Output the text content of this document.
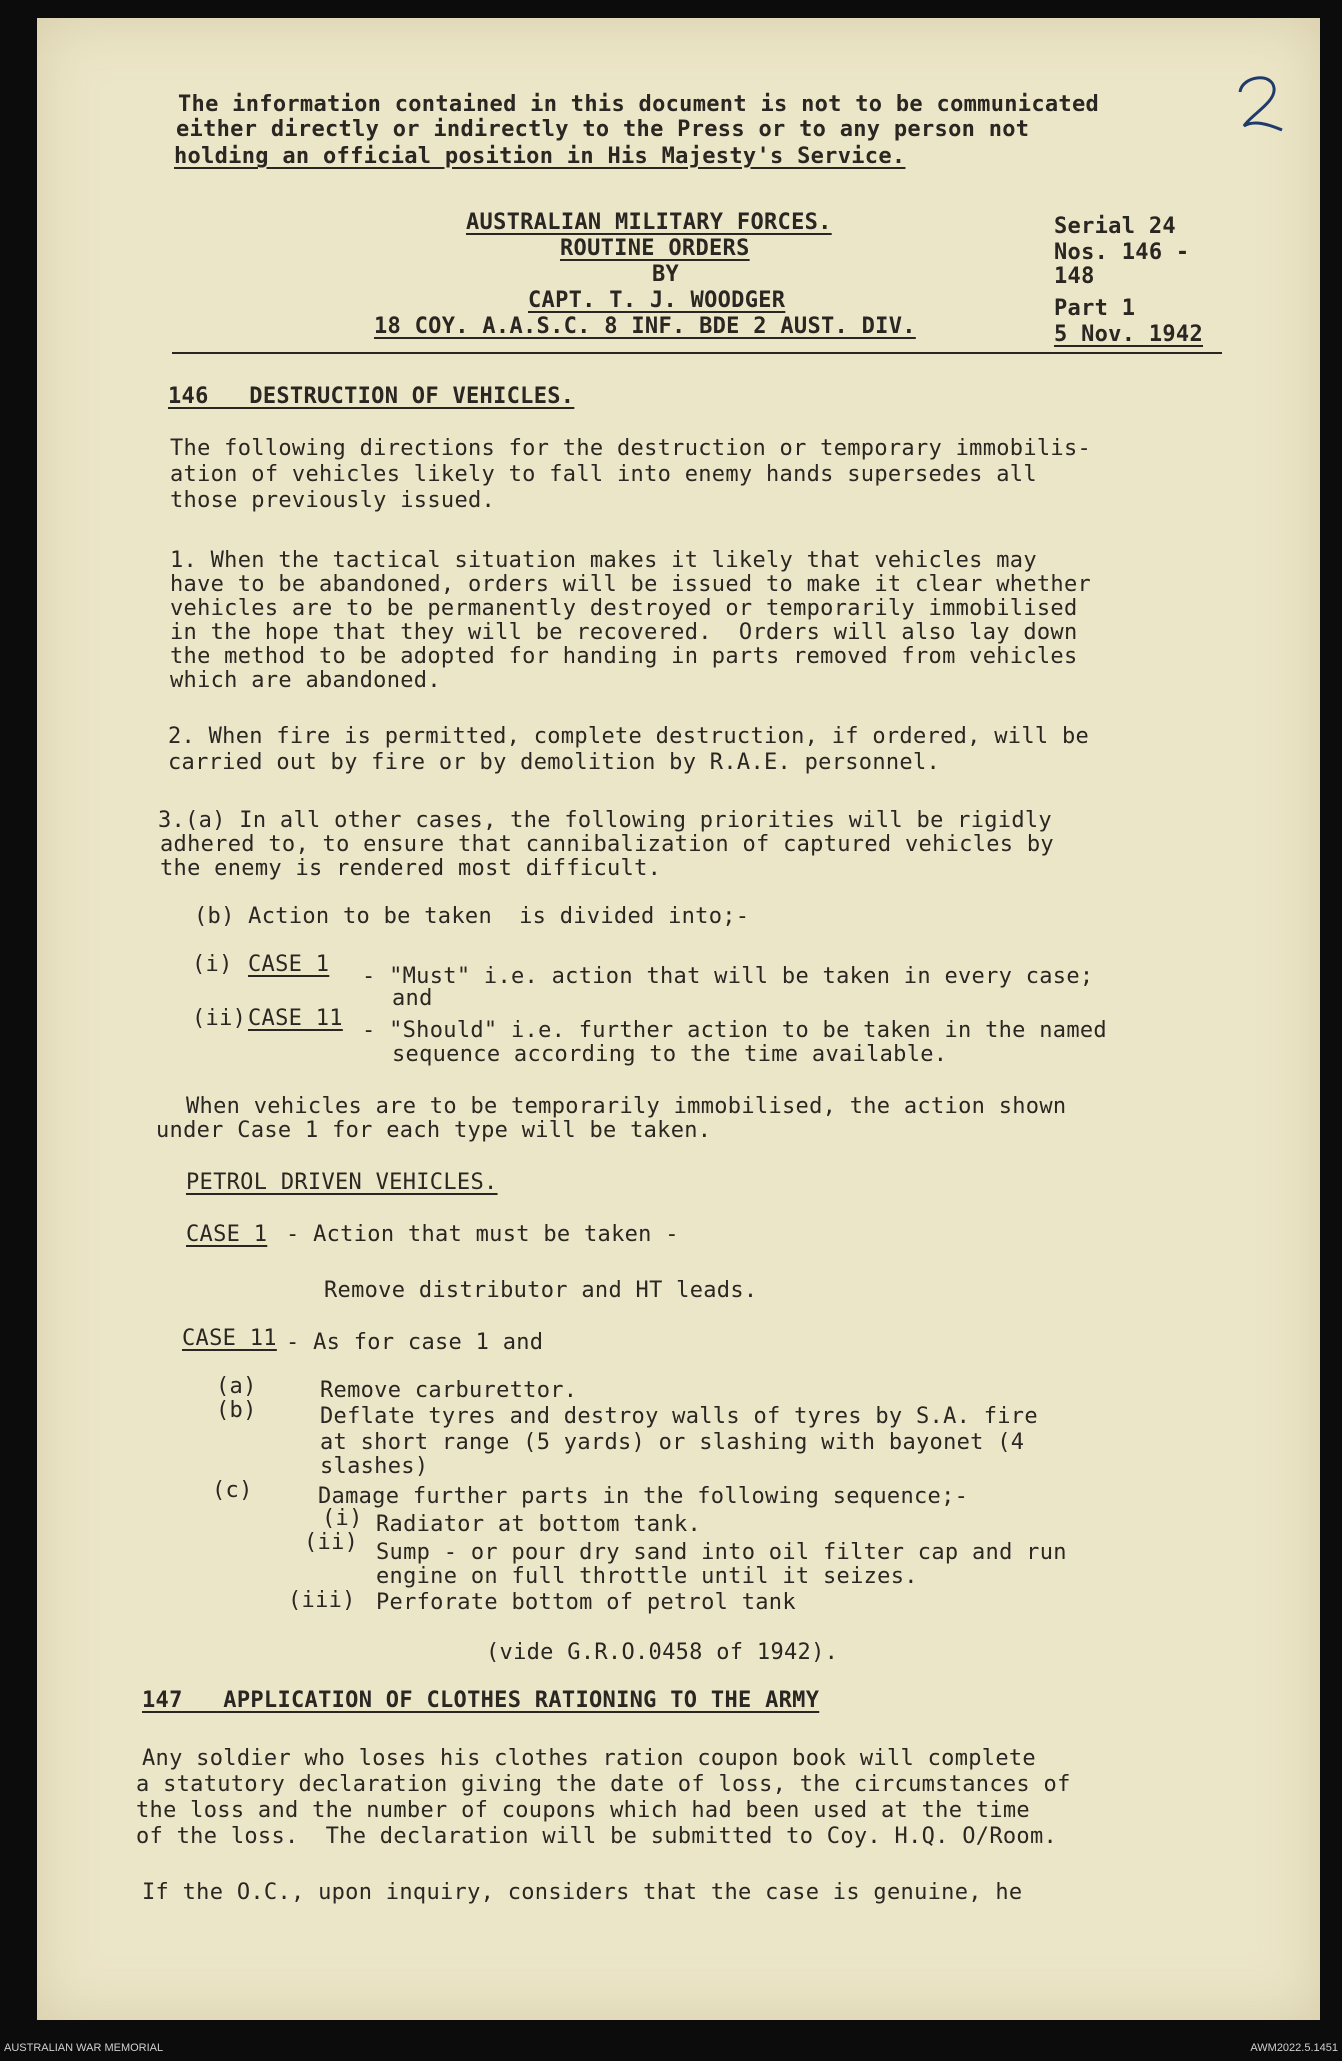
The information contained in this document is not to be communicated
either directly or indirectly to the Press or to any person not
holding an official position in His Majesty's Service.
AUSTRALIAN MILITARY FORCES.
ROUTINE ORDERS
BY
CAPT. T. J. WOODGER
18 COY. A.A.S.C. 8 INF. BDE 2 AUST. DIV.
Serial 24
Nos. 146 -
148
Part 1
5 Nov. 1942
146   DESTRUCTION OF VEHICLES.
The following directions for the destruction or temporary immobilis-
ation of vehicles likely to fall into enemy hands supersedes all
those previously issued.
1. When the tactical situation makes it likely that vehicles may
have to be abandoned, orders will be issued to make it clear whether
vehicles are to be permanently destroyed or temporarily immobilised
in the hope that they will be recovered.  Orders will also lay down
the method to be adopted for handing in parts removed from vehicles
which are abandoned.
2. When fire is permitted, complete destruction, if ordered, will be
carried out by fire or by demolition by R.A.E. personnel.
3.(a) In all other cases, the following priorities will be rigidly
adhered to, to ensure that cannibalization of captured vehicles by
the enemy is rendered most difficult.
(b) Action to be taken  is divided into;-
(i) CASE 1 - "Must" i.e. action that will be taken in every case;
and
(ii) CASE 11 - "Should" i.e. further action to be taken in the named
sequence according to the time available.
When vehicles are to be temporarily immobilised, the action shown
under Case 1 for each type will be taken.
PETROL DRIVEN VEHICLES.
CASE 1 - Action that must be taken -
Remove distributor and HT leads.
CASE 11 - As for case 1 and
(a)	Remove carburettor.
(b)	Deflate tyres and destroy walls of tyres by S.A. fire
at short range (5 yards) or slashing with bayonet (4
slashes)
(c)	Damage further parts in the following sequence;-
(i) Radiator at bottom tank.
(ii) Sump - or pour dry sand into oil filter cap and run
engine on full throttle until it seizes.
(iii) Perforate bottom of petrol tank
(vide G.R.O.0458 of 1942).
147   APPLICATION OF CLOTHES RATIONING TO THE ARMY
Any soldier who loses his clothes ration coupon book will complete
a statutory declaration giving the date of loss, the circumstances of
the loss and the number of coupons which had been used at the time
of the loss.  The declaration will be submitted to Coy. H.Q. O/Room.
If the O.C., upon inquiry, considers that the case is genuine, he
AUSTRALIAN WAR MEMORIAL	AWM2022.5.1451
